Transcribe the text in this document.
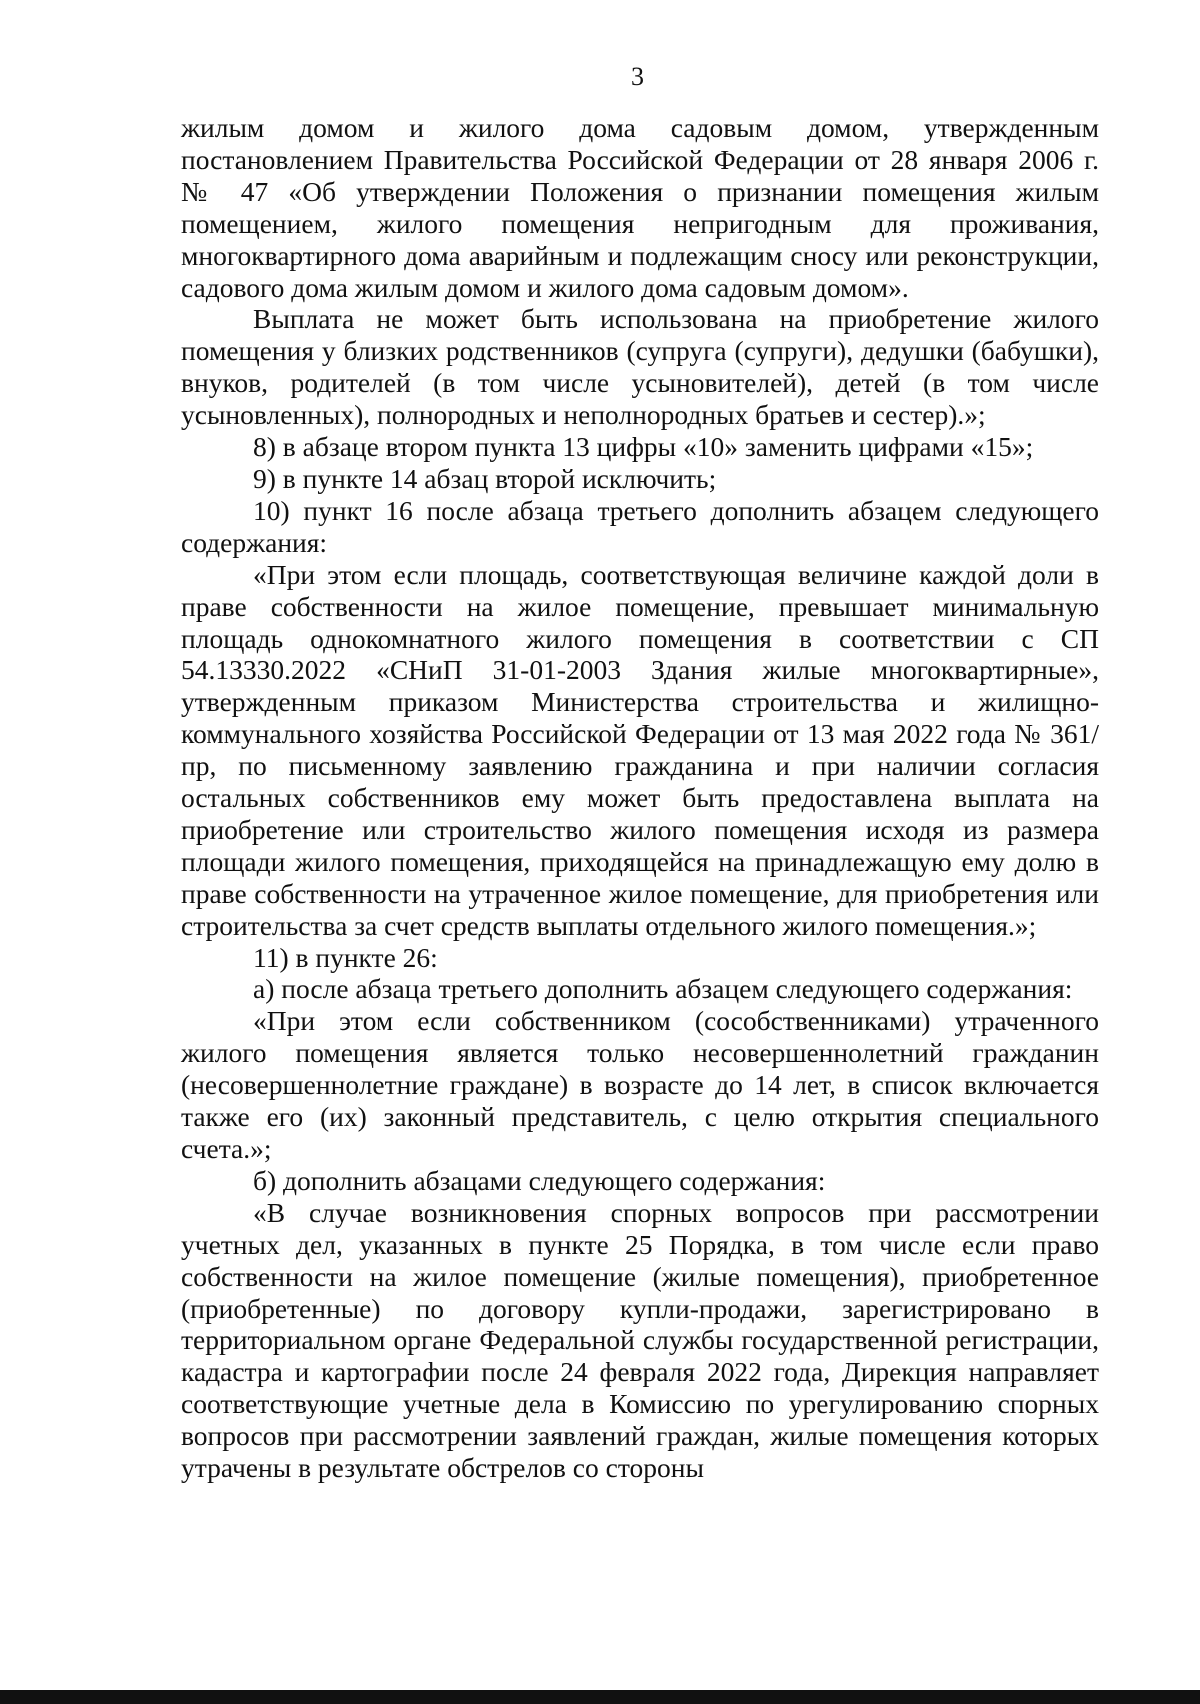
3

жилым домом и жилого дома садовым домом, утвержденным постановлением Правительства Российской Федерации от 28 января 2006 г. № 47 «Об утверждении Положения о признании помещения жилым помещением, жилого помещения непригодным для проживания, многоквартирного дома аварийным и подлежащим сносу или реконструкции, садового дома жилым домом и жилого дома садовым домом».

Выплата не может быть использована на приобретение жилого помещения у близких родственников (супруга (супруги), дедушки (бабушки), внуков, родителей (в том числе усыновителей), детей (в том числе усыновленных), полнородных и неполнородных братьев и сестер).»;

8) в абзаце втором пункта 13 цифры «10» заменить цифрами «15»;

9) в пункте 14 абзац второй исключить;

10) пункт 16 после абзаца третьего дополнить абзацем следующего содержания:

«При этом если площадь, соответствующая величине каждой доли в праве собственности на жилое помещение, превышает минимальную площадь однокомнатного жилого помещения в соответствии с СП 54.13330.2022 «СНиП 31-01-2003 Здания жилые многоквартирные», утвержденным приказом Министерства строительства и жилищно-коммунального хозяйства Российской Федерации от 13 мая 2022 года № 361/пр, по письменному заявлению гражданина и при наличии согласия остальных собственников ему может быть предоставлена выплата на приобретение или строительство жилого помещения исходя из размера площади жилого помещения, приходящейся на принадлежащую ему долю в праве собственности на утраченное жилое помещение, для приобретения или строительства за счет средств выплаты отдельного жилого помещения.»;

11) в пункте 26:

а) после абзаца третьего дополнить абзацем следующего содержания:

«При этом если собственником (сособственниками) утраченного жилого помещения является только несовершеннолетний гражданин (несовершеннолетние граждане) в возрасте до 14 лет, в список включается также его (их) законный представитель, с целю открытия специального счета.»;

б) дополнить абзацами следующего содержания:

«В случае возникновения спорных вопросов при рассмотрении учетных дел, указанных в пункте 25 Порядка, в том числе если право собственности на жилое помещение (жилые помещения), приобретенное (приобретенные) по договору купли-продажи, зарегистрировано в территориальном органе Федеральной службы государственной регистрации, кадастра и картографии после 24 февраля 2022 года, Дирекция направляет соответствующие учетные дела в Комиссию по урегулированию спорных вопросов при рассмотрении заявлений граждан, жилые помещения которых утрачены в результате обстрелов со стороны
